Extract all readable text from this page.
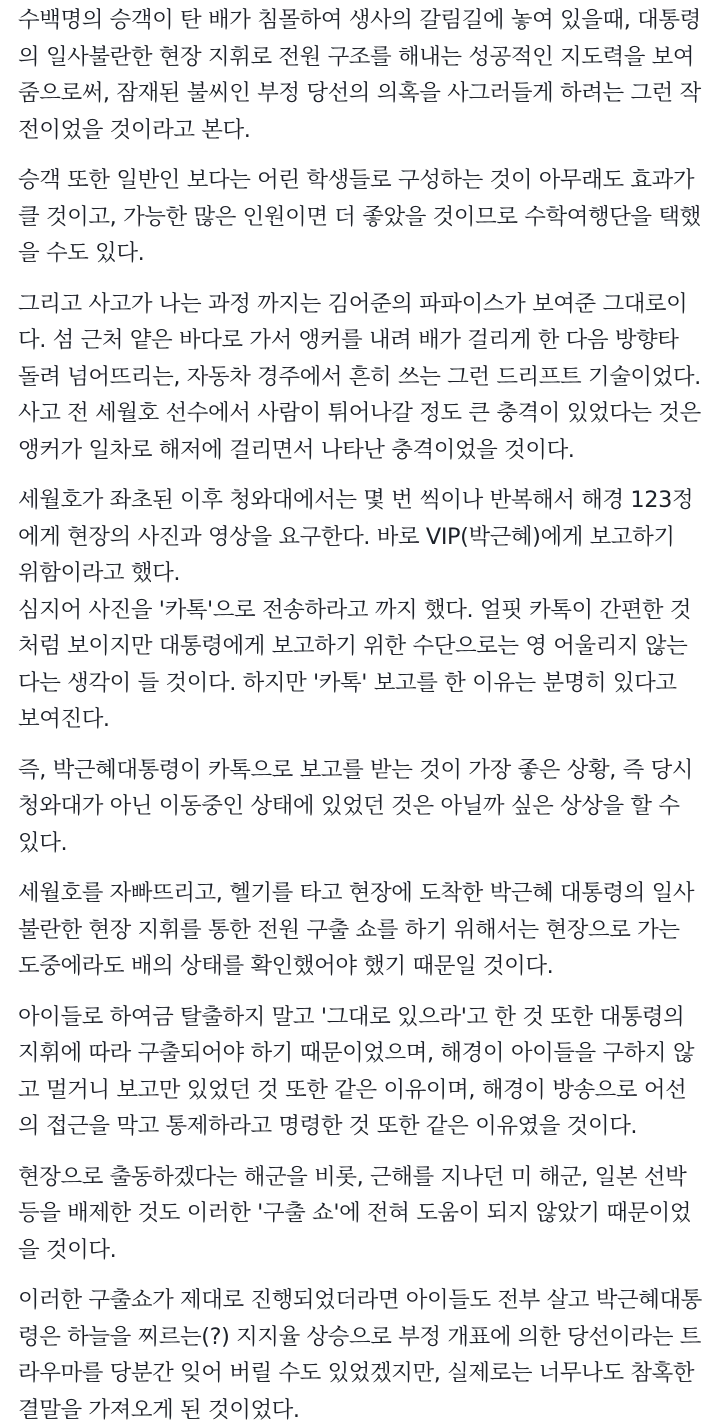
수백명의 승객이 탄 배가 침몰하여 생사의 갈림길에 놓여 있을때, 대통령의 일사불란한 현장 지휘로 전원 구조를 해내는 성공적인 지도력을 보여줌으로써, 잠재된 불씨인 부정 당선의 의혹을 사그러들게 하려는 그런 작전이었을 것이라고 본다.

승객 또한 일반인 보다는 어린 학생들로 구성하는 것이 아무래도 효과가 클 것이고, 가능한 많은 인원이면 더 좋았을 것이므로 수학여행단을 택했을 수도 있다.

그리고 사고가 나는 과정 까지는 김어준의 파파이스가 보여준 그대로이다. 섬 근처 얕은 바다로 가서 앵커를 내려 배가 걸리게 한 다음 방향타 돌려 넘어뜨리는, 자동차 경주에서 흔히 쓰는 그런 드리프트 기술이었다. 사고 전 세월호 선수에서 사람이 튀어나갈 정도 큰 충격이 있었다는 것은 앵커가 일차로 해저에 걸리면서 나타난 충격이었을 것이다.

세월호가 좌초된 이후 청와대에서는 몇 번 씩이나 반복해서 해경 123정에게 현장의 사진과 영상을 요구한다. 바로 VIP(박근혜)에게 보고하기 위함이라고 했다.

심지어 사진을 '카톡'으로 전송하라고 까지 했다. 얼핏 카톡이 간편한 것처럼 보이지만 대통령에게 보고하기 위한 수단으로는 영 어울리지 않는다는 생각이 들 것이다. 하지만 '카톡' 보고를 한 이유는 분명히 있다고 보여진다.

즉, 박근혜대통령이 카톡으로 보고를 받는 것이 가장 좋은 상황, 즉 당시 청와대가 아닌 이동중인 상태에 있었던 것은 아닐까 싶은 상상을 할 수 있다.

세월호를 자빠뜨리고, 헬기를 타고 현장에 도착한 박근혜 대통령의 일사불란한 현장 지휘를 통한 전원 구출 쇼를 하기 위해서는 현장으로 가는 도중에라도 배의 상태를 확인했어야 했기 때문일 것이다.

아이들로 하여금 탈출하지 말고 '그대로 있으라'고 한 것 또한 대통령의 지휘에 따라 구출되어야 하기 때문이었으며, 해경이 아이들을 구하지 않고 멀거니 보고만 있었던 것 또한 같은 이유이며, 해경이 방송으로 어선의 접근을 막고 통제하라고 명령한 것 또한 같은 이유였을 것이다.

현장으로 출동하겠다는 해군을 비롯, 근해를 지나던 미 해군, 일본 선박등을 배제한 것도 이러한 '구출 쇼'에 전혀 도움이 되지 않았기 때문이었을 것이다.

이러한 구출쇼가 제대로 진행되었더라면 아이들도 전부 살고 박근혜대통령은 하늘을 찌르는(?) 지지율 상승으로 부정 개표에 의한 당선이라는 트라우마를 당분간 잊어 버릴 수도 있었겠지만, 실제로는 너무나도 참혹한 결말을 가져오게 된 것이었다.
